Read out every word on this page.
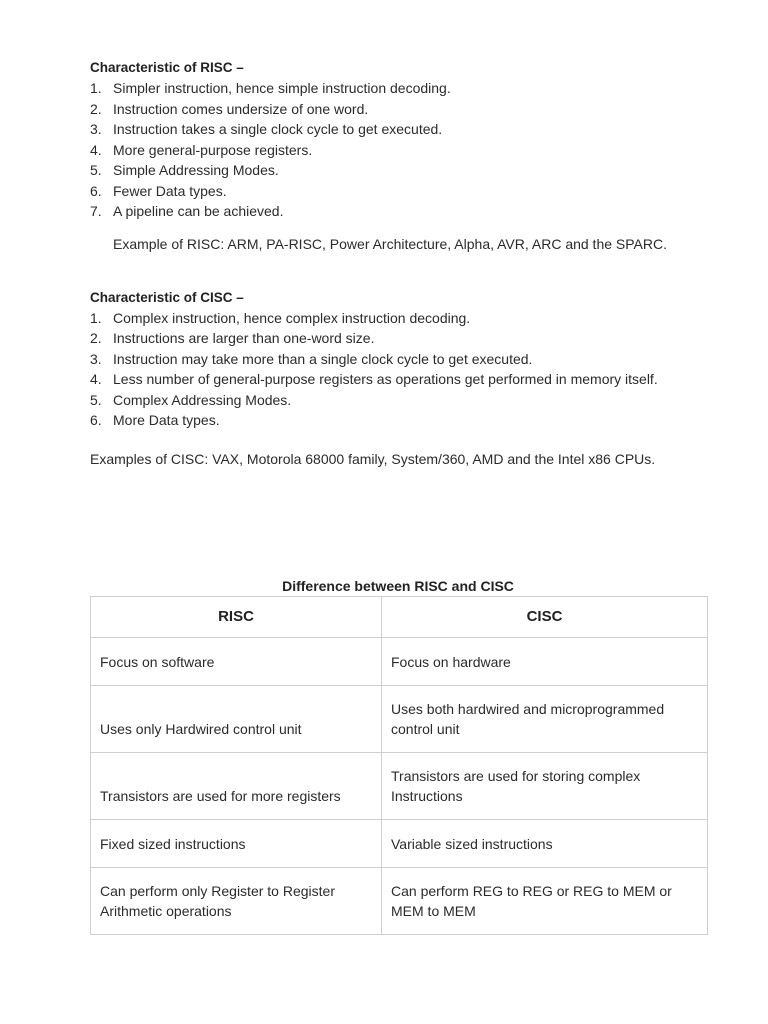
Characteristic of RISC –

1. Simpler instruction, hence simple instruction decoding.
2. Instruction comes undersize of one word.
3. Instruction takes a single clock cycle to get executed.
4. More general-purpose registers.
5. Simple Addressing Modes.
6. Fewer Data types.
7. A pipeline can be achieved.
Example of RISC: ARM, PA-RISC, Power Architecture, Alpha, AVR, ARC and the SPARC.

Characteristic of CISC –

1. Complex instruction, hence complex instruction decoding.
2. Instructions are larger than one-word size.
3. Instruction may take more than a single clock cycle to get executed.
4. Less number of general-purpose registers as operations get performed in memory itself.
5. Complex Addressing Modes.
6. More Data types.
Examples of CISC: VAX, Motorola 68000 family, System/360, AMD and the Intel x86 CPUs.
Difference between RISC and CISC
RISC	CISC
Focus on software	Focus on hardware
Uses only Hardwired control unit	Uses both hardwired and microprogrammed control unit
Transistors are used for more registers	Transistors are used for storing complex Instructions
Fixed sized instructions	Variable sized instructions
Can perform only Register to Register Arithmetic operations	Can perform REG to REG or REG to MEM or MEM to MEM
